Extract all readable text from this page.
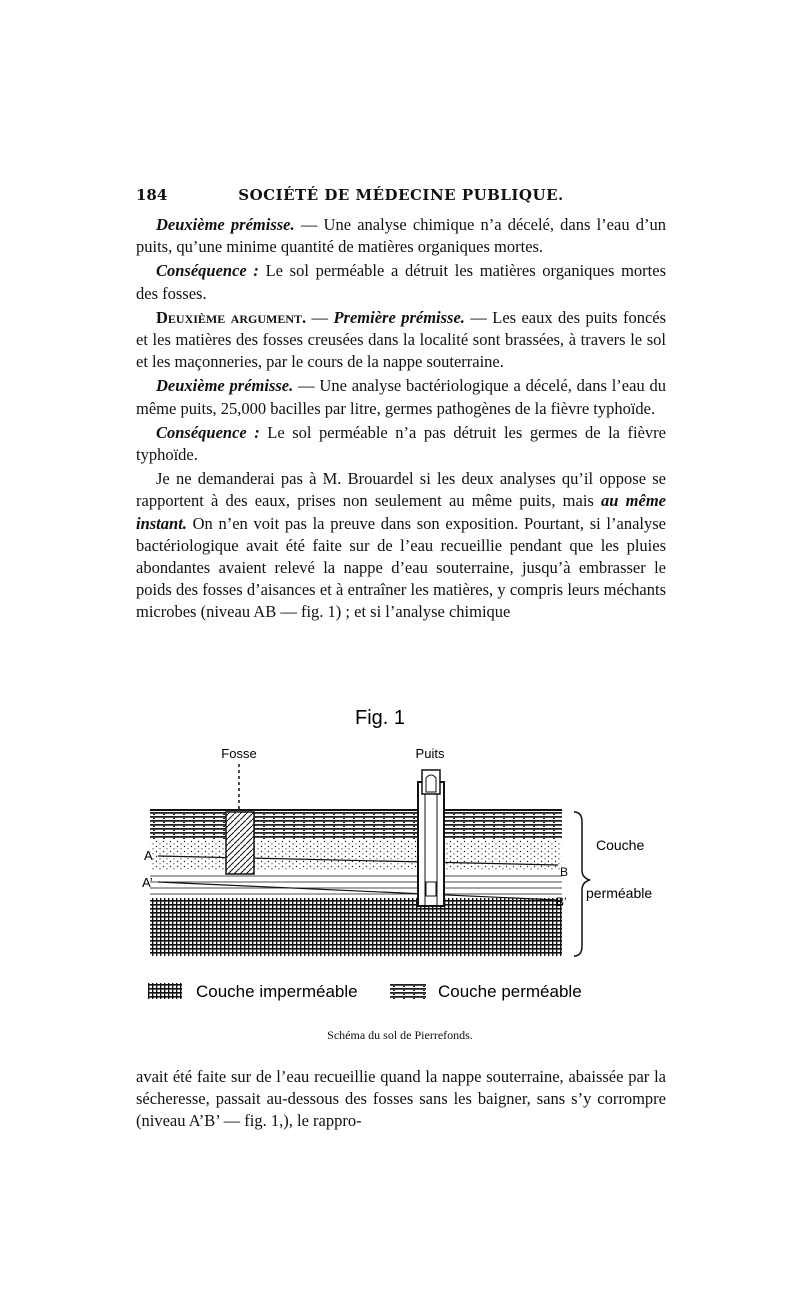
184	SOCIÉTÉ DE MÉDECINE PUBLIQUE.

Deuxième prémisse. — Une analyse chimique n’a décelé, dans l’eau d’un puits, qu’une minime quantité de matières organiques mortes.

Conséquence : Le sol perméable a détruit les matières organiques mortes des fosses.

Deuxième argument. — Première prémisse. — Les eaux des puits foncés et les matières des fosses creusées dans la localité sont brassées, à travers le sol et les maçonneries, par le cours de la nappe souterraine.

Deuxième prémisse. — Une analyse bactériologique a décelé, dans l’eau du même puits, 25,000 bacilles par litre, germes pathogènes de la fièvre typhoïde.

Conséquence : Le sol perméable n’a pas détruit les germes de la fièvre typhoïde.

Je ne demanderai pas à M. Brouardel si les deux analyses qu’il oppose se rapportent à des eaux, prises non seulement au même puits, mais au même instant. On n’en voit pas la preuve dans son exposition. Pourtant, si l’analyse bactériologique avait été faite sur de l’eau recueillie pendant que les pluies abondantes avaient relevé la nappe d’eau souterraine, jusqu’à embrasser le poids des fosses d’aisances et à entraîner les matières, y compris leurs méchants microbes (niveau AB — fig. 1) ; et si l’analyse chimique

Fig. 1
Fosse	Puits
A
A’
B
B’
Couche
perméable
Couche imperméable	Couche perméable
Schéma du sol de Pierrefonds.

avait été faite sur de l’eau recueillie quand la nappe souterraine, abaissée par la sécheresse, passait au-dessous des fosses sans les baigner, sans s’y corrompre (niveau A’B’ — fig. 1,), le rappro-
